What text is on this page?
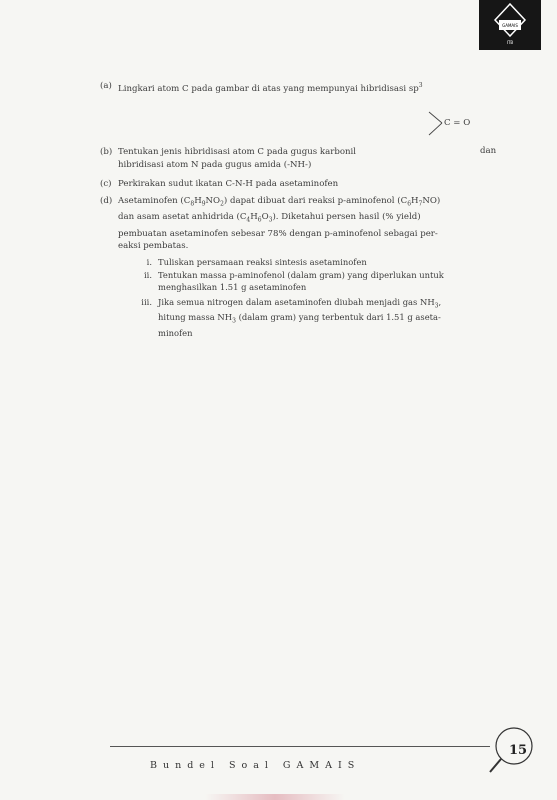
GAMAIS
ITB
(a) Lingkari atom C pada gambar di atas yang mempunyai hibridisasi $sp^3$
C = O
(b) Tentukan jenis hibridisasi atom C pada gugus karbonil
hibridisasi atom N pada gugus amida (-NH-)
dan
(c) Perkirakan sudut ikatan C-N-H pada asetaminofen
(d) Asetaminofen $(C_8H_9NO_2)$ dapat dibuat dari reaksi p-aminofenol $(C_6H_7NO)$
dan asam asetat anhidrida $(C_4H_6O_3)$. Diketahui persen hasil (% yield)
pembuatan asetaminofen sebesar 78% dengan p-aminofenol sebagai per-
eaksi pembatas.
i. Tuliskan persamaan reaksi sintesis asetaminofen
ii. Tentukan massa p-aminofenol (dalam gram) yang diperlukan untuk
menghasilkan 1.51 g asetaminofen
iii. Jika semua nitrogen dalam asetaminofen diubah menjadi gas $NH_3$,
hitung massa $NH_3$ (dalam gram) yang terbentuk dari 1.51 g aseta-
minofen
15
Bundel Soal GAMAIS
